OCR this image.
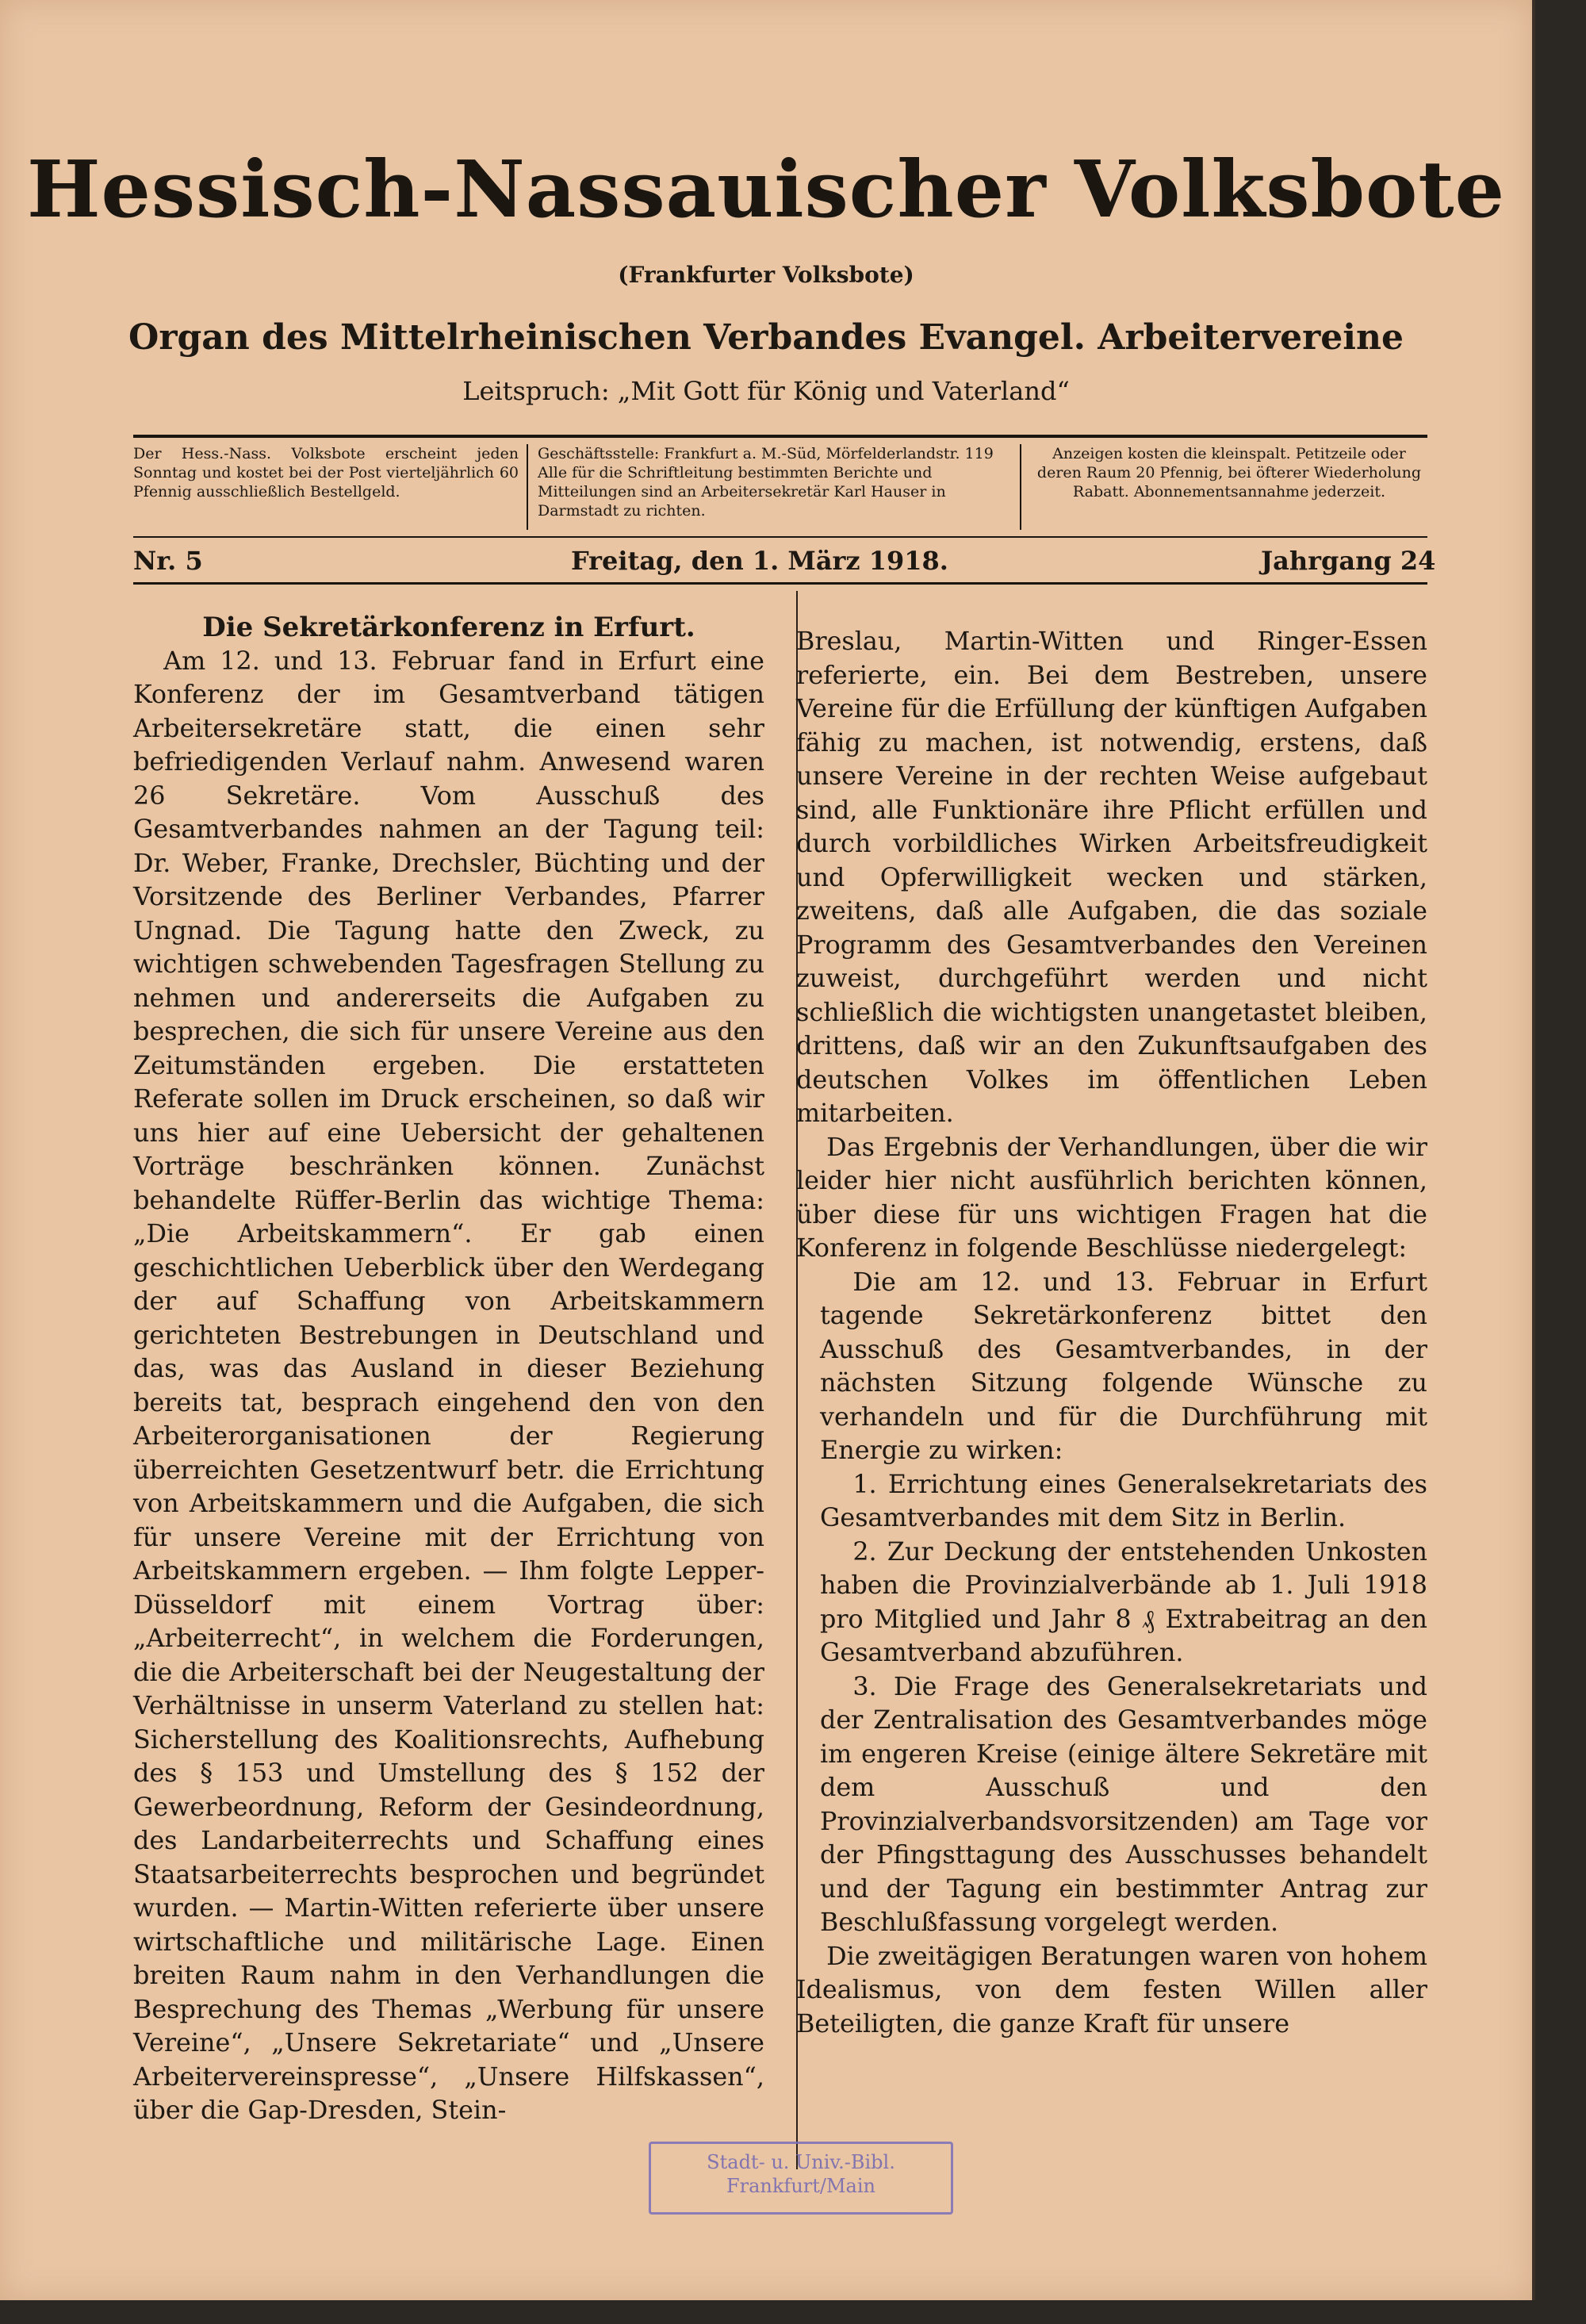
Hessisch-Nassauischer Volksbote
(Frankfurter Volksbote)
Organ des Mittelrheinischen Verbandes Evangel. Arbeitervereine
Leitspruch: „Mit Gott für König und Vaterland“
Der Hess.-Nass. Volksbote erscheint jeden Sonntag und kostet bei der Post vierteljährlich 60 Pfennig ausschließlich Bestellgeld.
Geschäftsstelle: Frankfurt a. M.-Süd, Mörfelderlandstr. 119 Alle für die Schriftleitung bestimmten Berichte und Mitteilungen sind an Arbeitersekretär Karl Hauser in Darmstadt zu richten.
Anzeigen kosten die kleinspalt. Petitzeile oder deren Raum 20 Pfennig, bei öfterer Wiederholung Rabatt. Abonnementsannahme jederzeit.
Nr. 5	Freitag, den 1. März 1918.	Jahrgang 24

Die Sekretärkonferenz in Erfurt.

Am 12. und 13. Februar fand in Erfurt eine Konferenz der im Gesamtverband tätigen Arbeitersekretäre statt, die einen sehr befriedigenden Verlauf nahm. Anwesend waren 26 Sekretäre. Vom Ausschuß des Gesamtverbandes nahmen an der Tagung teil: Dr. Weber, Franke, Drechsler, Büchting und der Vorsitzende des Berliner Verbandes, Pfarrer Ungnad. Die Tagung hatte den Zweck, zu wichtigen schwebenden Tagesfragen Stellung zu nehmen und andererseits die Aufgaben zu besprechen, die sich für unsere Vereine aus den Zeitumständen ergeben. Die erstatteten Referate sollen im Druck erscheinen, so daß wir uns hier auf eine Uebersicht der gehaltenen Vorträge beschränken können. Zunächst behandelte Rüffer-Berlin das wichtige Thema: „Die Arbeitskammern“. Er gab einen geschichtlichen Ueberblick über den Werdegang der auf Schaffung von Arbeitskammern gerichteten Bestrebungen in Deutschland und das, was das Ausland in dieser Beziehung bereits tat, besprach eingehend den von den Arbeiterorganisationen der Regierung überreichten Gesetzentwurf betr. die Errichtung von Arbeitskammern und die Aufgaben, die sich für unsere Vereine mit der Errichtung von Arbeitskammern ergeben. — Ihm folgte Lepper-Düsseldorf mit einem Vortrag über: „Arbeiterrecht“, in welchem die Forderungen, die die Arbeiterschaft bei der Neugestaltung der Verhältnisse in unserm Vaterland zu stellen hat: Sicherstellung des Koalitionsrechts, Aufhebung des § 153 und Umstellung des § 152 der Gewerbeordnung, Reform der Gesindeordnung, des Landarbeiterrechts und Schaffung eines Staatsarbeiterrechts besprochen und begründet wurden. — Martin-Witten referierte über unsere wirtschaftliche und militärische Lage. Einen breiten Raum nahm in den Verhandlungen die Besprechung des Themas „Werbung für unsere Vereine“, „Unsere Sekretariate“ und „Unsere Arbeitervereinspresse“, „Unsere Hilfskassen“, über die Gap-Dresden, Stein-

Breslau, Martin-Witten und Ringer-Essen referierte, ein. Bei dem Bestreben, unsere Vereine für die Erfüllung der künftigen Aufgaben fähig zu machen, ist notwendig, erstens, daß unsere Vereine in der rechten Weise aufgebaut sind, alle Funktionäre ihre Pflicht erfüllen und durch vorbildliches Wirken Arbeitsfreudigkeit und Opferwilligkeit wecken und stärken, zweitens, daß alle Aufgaben, die das soziale Programm des Gesamtverbandes den Vereinen zuweist, durchgeführt werden und nicht schließlich die wichtigsten unangetastet bleiben, drittens, daß wir an den Zukunftsaufgaben des deutschen Volkes im öffentlichen Leben mitarbeiten.

Das Ergebnis der Verhandlungen, über die wir leider hier nicht ausführlich berichten können, über diese für uns wichtigen Fragen hat die Konferenz in folgende Beschlüsse niedergelegt:

Die am 12. und 13. Februar in Erfurt tagende Sekretärkonferenz bittet den Ausschuß des Gesamtverbandes, in der nächsten Sitzung folgende Wünsche zu verhandeln und für die Durchführung mit Energie zu wirken:

1. Errichtung eines Generalsekretariats des Gesamtverbandes mit dem Sitz in Berlin.

2. Zur Deckung der entstehenden Unkosten haben die Provinzialverbände ab 1. Juli 1918 pro Mitglied und Jahr 8 ₰ Extrabeitrag an den Gesamtverband abzuführen.

3. Die Frage des Generalsekretariats und der Zentralisation des Gesamtverbandes möge im engeren Kreise (einige ältere Sekretäre mit dem Ausschuß und den Provinzialverbandsvorsitzenden) am Tage vor der Pfingsttagung des Ausschusses behandelt und der Tagung ein bestimmter Antrag zur Beschlußfassung vorgelegt werden.

Die zweitägigen Beratungen waren von hohem Idealismus, von dem festen Willen aller Beteiligten, die ganze Kraft für unsere

Stadt- u. Univ.-Bibl.
Frankfurt/Main
